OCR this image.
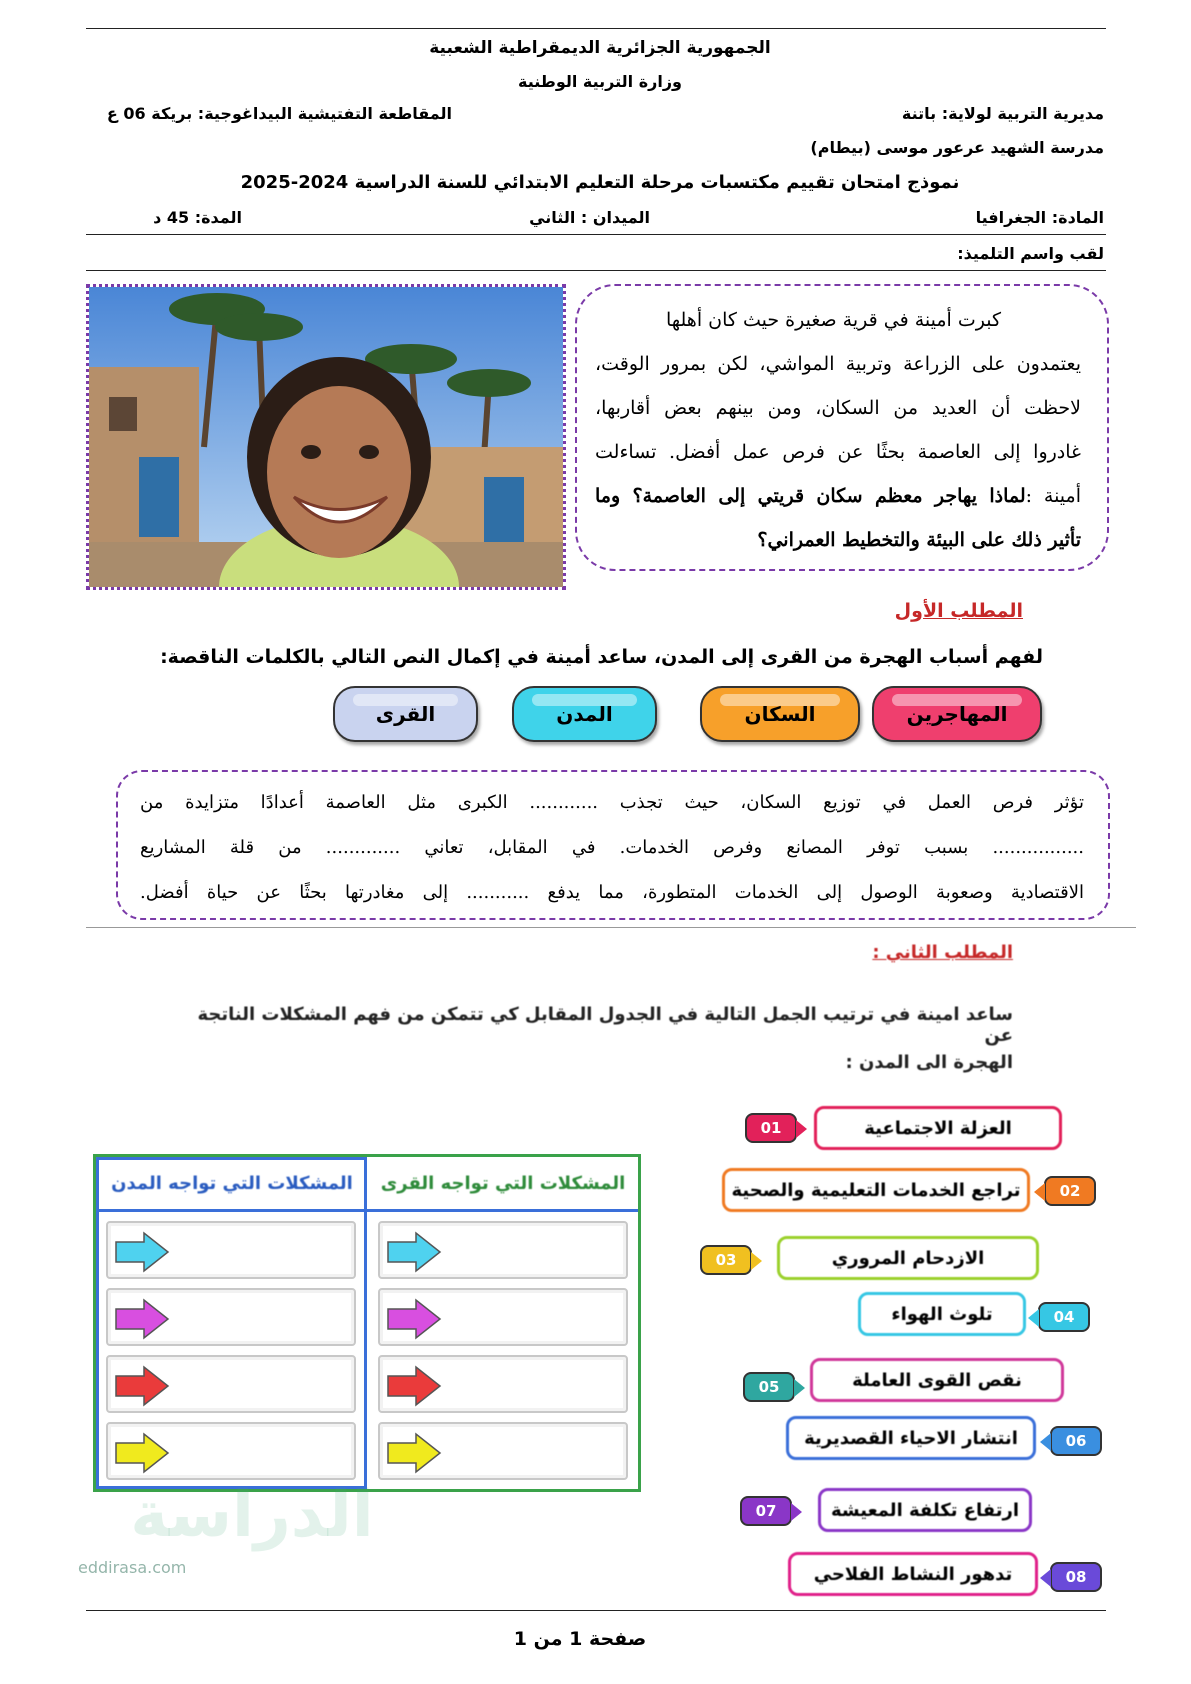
الجمهورية الجزائرية الديمقراطية الشعبية
وزارة التربية الوطنية
مديرية التربية لولاية: باتنة
المقاطعة التفتيشية البيداغوجية: بريكة 06 ع
مدرسة الشهيد عرعور موسى (بيطام)
نموذج امتحان تقييم مكتسبات مرحلة التعليم الابتدائي للسنة الدراسية 2024-2025
المادة: الجغرافيا
الميدان : الثاني
المدة: 45 د
لقب واسم التلميذ:

كبرت أمينة في قرية صغيرة حيث كان أهلها
يعتمدون على الزراعة وتربية المواشي، لكن بمرور الوقت،
لاحظت أن العديد من السكان، ومن بينهم بعض أقاربها،
غادروا إلى العاصمة بحثًا عن فرص عمل أفضل. تساءلت
أمينة :لماذا يهاجر معظم سكان قريتي إلى العاصمة؟ وما
تأثير ذلك على البيئة والتخطيط العمراني؟

المطلب الأول
لفهم أسباب الهجرة من القرى إلى المدن، ساعد أمينة في إكمال النص التالي بالكلمات الناقصة:
المهاجرين
السكان
المدن
القرى

تؤثر فرص العمل في توزيع السكان، حيث تجذب ............ الكبرى مثل العاصمة أعدادًا متزايدة من
................ بسبب توفر المصانع وفرص الخدمات. في المقابل، تعاني ............. من قلة المشاريع
الاقتصادية وصعوبة الوصول إلى الخدمات المتطورة، مما يدفع ........... إلى مغادرتها بحثًا عن حياة أفضل.

المطلب الثاني :
ساعد امينة في ترتيب الجمل التالية في الجدول المقابل كي تتمكن من فهم المشكلات الناتجة عن
الهجرة الى المدن :
01	العزلة الاجتماعية
تراجع الخدمات التعليمية والصحية	02
03	الازدحام المروري
تلوث الهواء	04
05	نقص القوى العاملة
انتشار الاحياء القصديرية	06
07	ارتفاع تكلفة المعيشة
تدهور النشاط الفلاحي	08
المشكلات التي تواجه القرى
المشكلات التي تواجه المدن
الدراسة
eddirasa.com
صفحة 1 من 1
